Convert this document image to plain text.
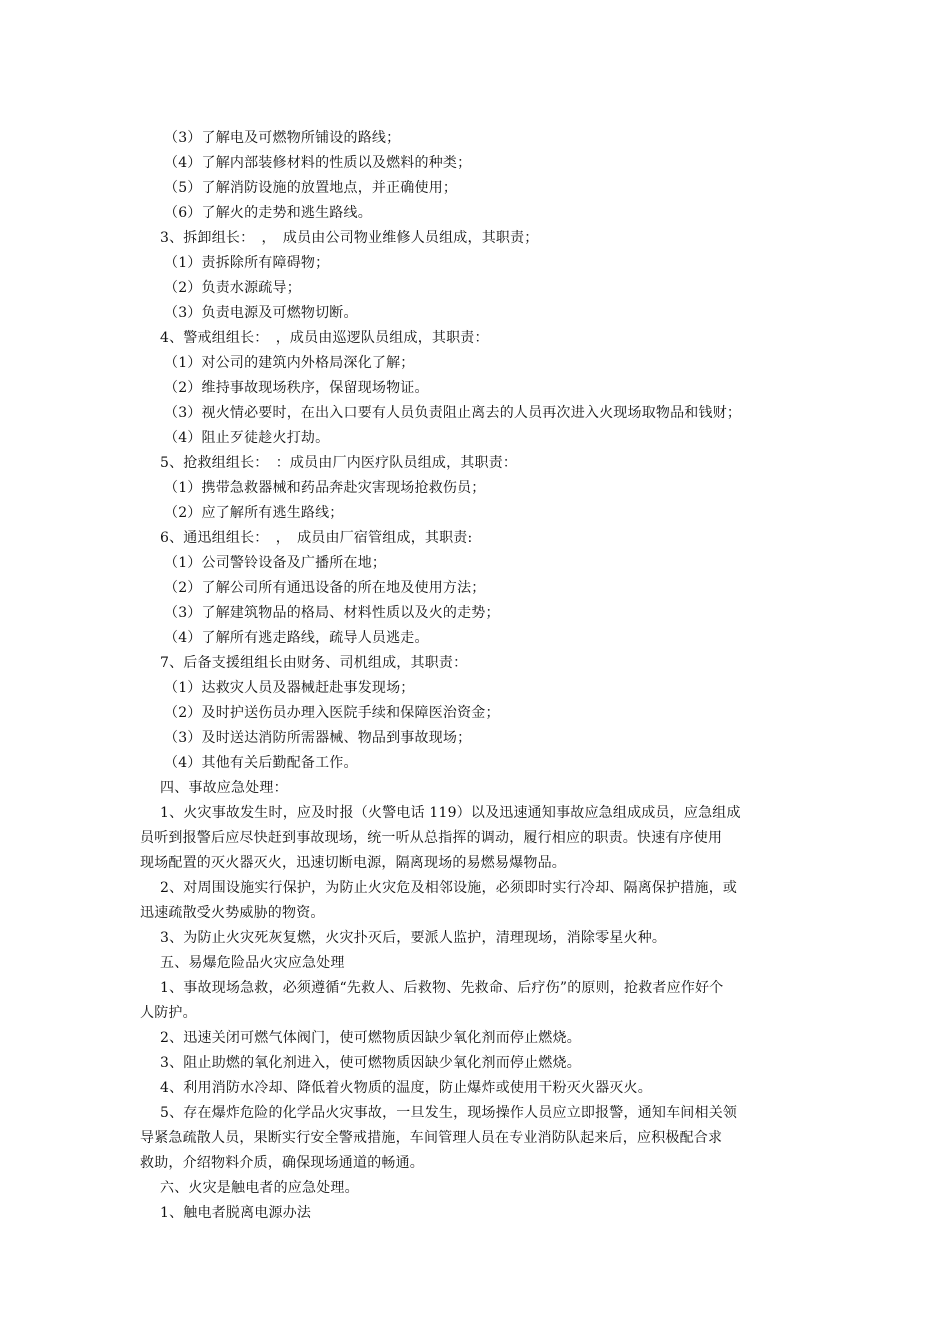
（3）了解电及可燃物所铺设的路线；
（4）了解内部装修材料的性质以及燃料的种类；
（5）了解消防设施的放置地点，并正确使用；
（6）了解火的走势和逃生路线。
3、拆卸组长：　，　成员由公司物业维修人员组成，其职责；
（1）责拆除所有障碍物；
（2）负责水源疏导；
（3）负责电源及可燃物切断。
4、警戒组组长：　，成员由巡逻队员组成，其职责：
（1）对公司的建筑内外格局深化了解；
（2）维持事故现场秩序，保留现场物证。
（3）视火情必要时，在出入口要有人员负责阻止离去的人员再次进入火现场取物品和钱财；
（4）阻止歹徒趁火打劫。
5、抢救组组长：　：成员由厂内医疗队员组成，其职责：
（1）携带急救器械和药品奔赴灾害现场抢救伤员；
（2）应了解所有逃生路线；
6、通迅组组长：　，　成员由厂宿管组成，其职责:
（1）公司警铃设备及广播所在地；
（2）了解公司所有通迅设备的所在地及使用方法；
（3）了解建筑物品的格局、材料性质以及火的走势；
（4）了解所有逃走路线，疏导人员逃走。
7、后备支援组组长由财务、司机组成，其职责：
（1）达救灾人员及器械赶赴事发现场；
（2）及时护送伤员办理入医院手续和保障医治资金；
（3）及时送达消防所需器械、物品到事故现场；
（4）其他有关后勤配备工作。
四、事故应急处理：
1、火灾事故发生时，应及时报（火警电话 119）以及迅速通知事故应急组成成员，应急组成
员听到报警后应尽快赶到事故现场，统一听从总指挥的调动，履行相应的职责。快速有序使用
现场配置的灭火器灭火，迅速切断电源，隔离现场的易燃易爆物品。
2、对周围设施实行保护，为防止火灾危及相邻设施，必须即时实行冷却、隔离保护措施，或
迅速疏散受火势威胁的物资。
3、为防止火灾死灰复燃，火灾扑灭后，要派人监护，清理现场，消除零星火种。
五、易爆危险品火灾应急处理
1、事故现场急救，必须遵循“先救人、后救物、先救命、后疗伤”的原则，抢救者应作好个
人防护。
2、迅速关闭可燃气体阀门，使可燃物质因缺少氧化剂而停止燃烧。
3、阻止助燃的氧化剂进入，使可燃物质因缺少氧化剂而停止燃烧。
4、利用消防水冷却、降低着火物质的温度，防止爆炸或使用干粉灭火器灭火。
5、存在爆炸危险的化学品火灾事故，一旦发生，现场操作人员应立即报警，通知车间相关领
导紧急疏散人员，果断实行安全警戒措施，车间管理人员在专业消防队起来后，应积极配合求
救助，介绍物料介质，确保现场通道的畅通。
六、火灾是触电者的应急处理。
1、触电者脱离电源办法
